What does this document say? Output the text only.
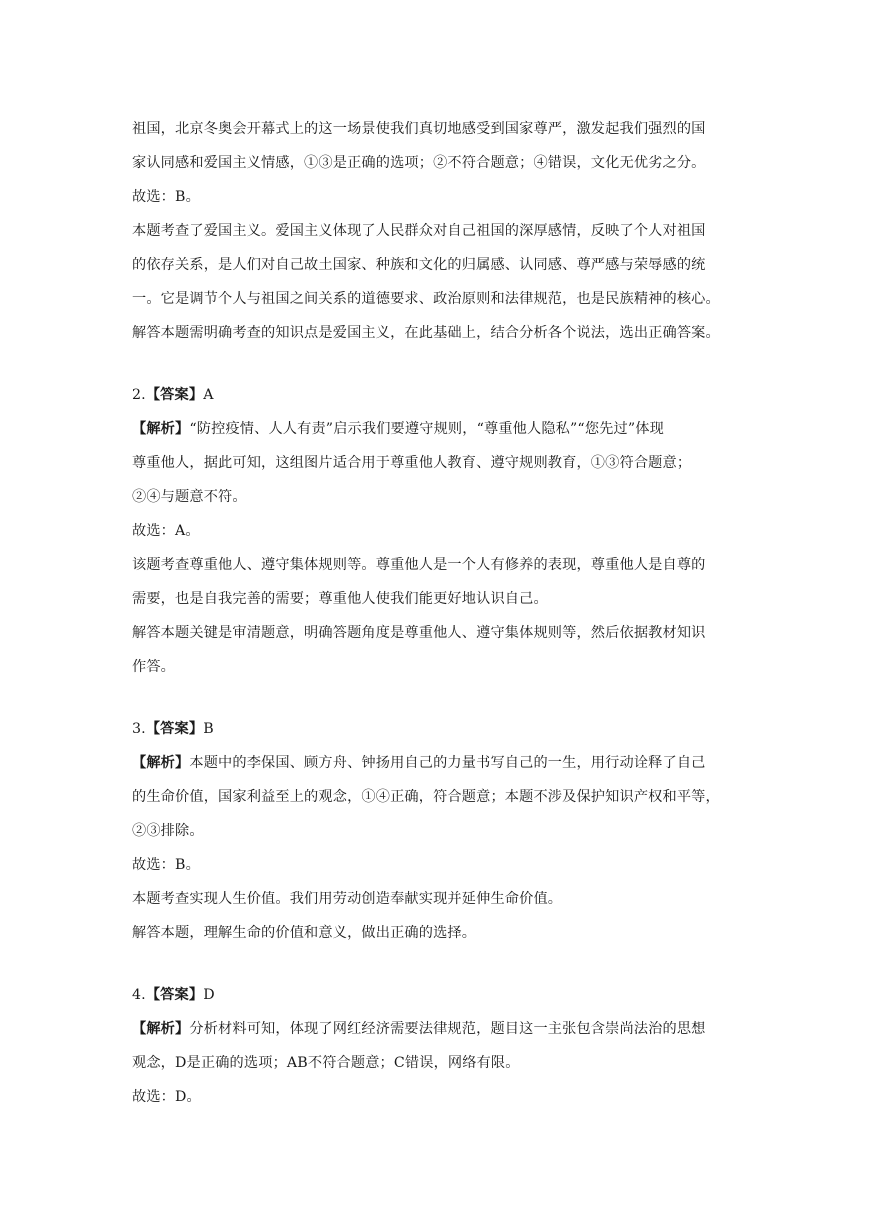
祖国，北京冬奥会开幕式上的这一场景使我们真切地感受到国家尊严，激发起我们强烈的国
家认同感和爱国主义情感，①③是正确的选项；②不符合题意；④错误，文化无优劣之分。
故选：B。
本题考查了爱国主义。爱国主义体现了人民群众对自己祖国的深厚感情，反映了个人对祖国
的依存关系，是人们对自己故土国家、种族和文化的归属感、认同感、尊严感与荣辱感的统
一。它是调节个人与祖国之间关系的道德要求、政治原则和法律规范，也是民族精神的核心。
解答本题需明确考查的知识点是爱国主义，在此基础上，结合分析各个说法，选出正确答案。
2.【答案】A
【解析】“防控疫情、人人有责”启示我们要遵守规则，“尊重他人隐私”“您先过”体现
尊重他人，据此可知，这组图片适合用于尊重他人教育、遵守规则教育，①③符合题意；
②④与题意不符。
故选：A。
该题考查尊重他人、遵守集体规则等。尊重他人是一个人有修养的表现，尊重他人是自尊的
需要，也是自我完善的需要；尊重他人使我们能更好地认识自己。
解答本题关键是审清题意，明确答题角度是尊重他人、遵守集体规则等，然后依据教材知识
作答。
3.【答案】B
【解析】本题中的李保国、顾方舟、钟扬用自己的力量书写自己的一生，用行动诠释了自己
的生命价值，国家利益至上的观念，①④正确，符合题意；本题不涉及保护知识产权和平等，
②③排除。
故选：B。
本题考查实现人生价值。我们用劳动创造奉献实现并延伸生命价值。
解答本题，理解生命的价值和意义，做出正确的选择。
4.【答案】D
【解析】分析材料可知，体现了网红经济需要法律规范，题目这一主张包含崇尚法治的思想
观念，D是正确的选项；AB不符合题意；C错误，网络有限。
故选：D。
